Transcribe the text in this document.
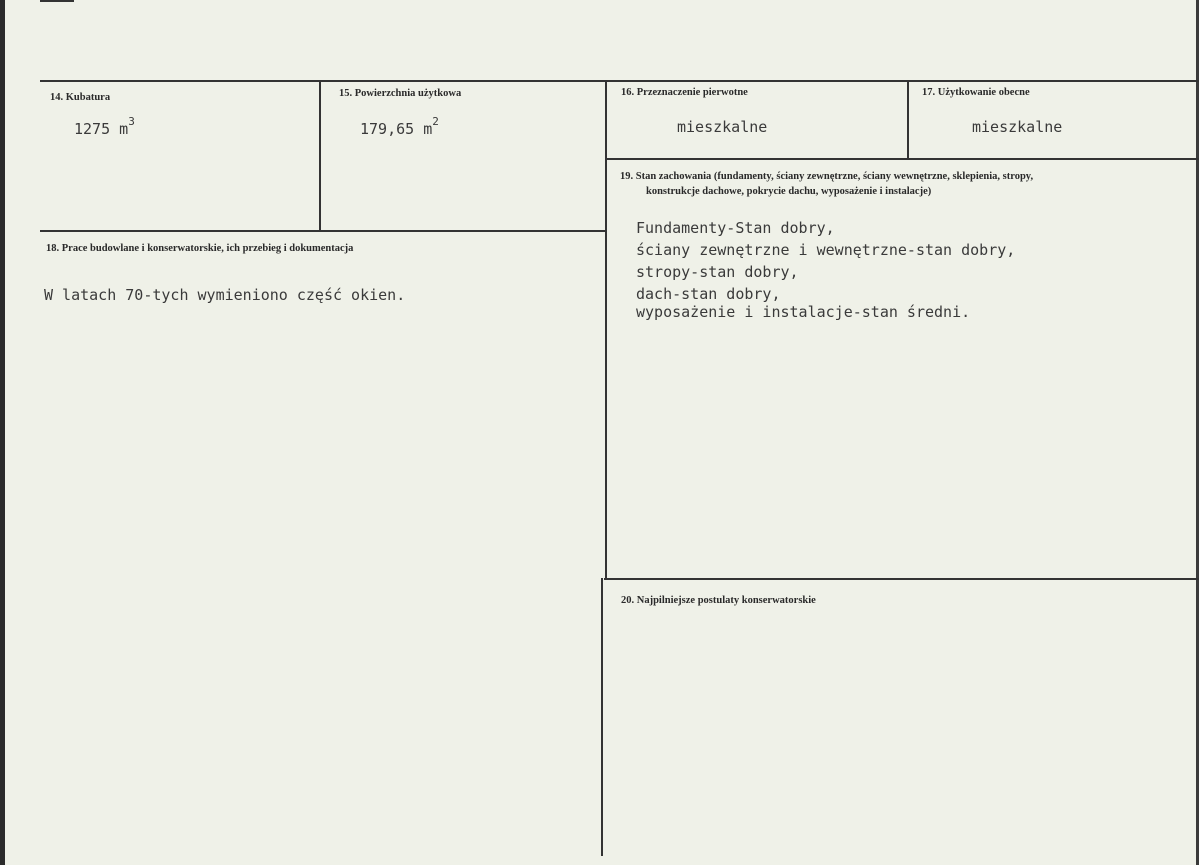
14. Kubatura
1275 $m^3$
15. Powierzchnia użytkowa
179,65 $m^2$
16. Przeznaczenie pierwotne
mieszkalne
17. Użytkowanie obecne
mieszkalne
18. Prace budowlane i konserwatorskie, ich przebieg i dokumentacja
W latach 70-tych wymieniono część okien.
19. Stan zachowania (fundamenty, ściany zewnętrzne, ściany wewnętrzne, sklepienia, stropy,
konstrukcje dachowe, pokrycie dachu, wyposażenie i instalacje)
Fundamenty-Stan dobry,
ściany zewnętrzne i wewnętrzne-stan dobry,
stropy-stan dobry,
dach-stan dobry,
wyposażenie i instalacje-stan średni.
20. Najpilniejsze postulaty konserwatorskie
